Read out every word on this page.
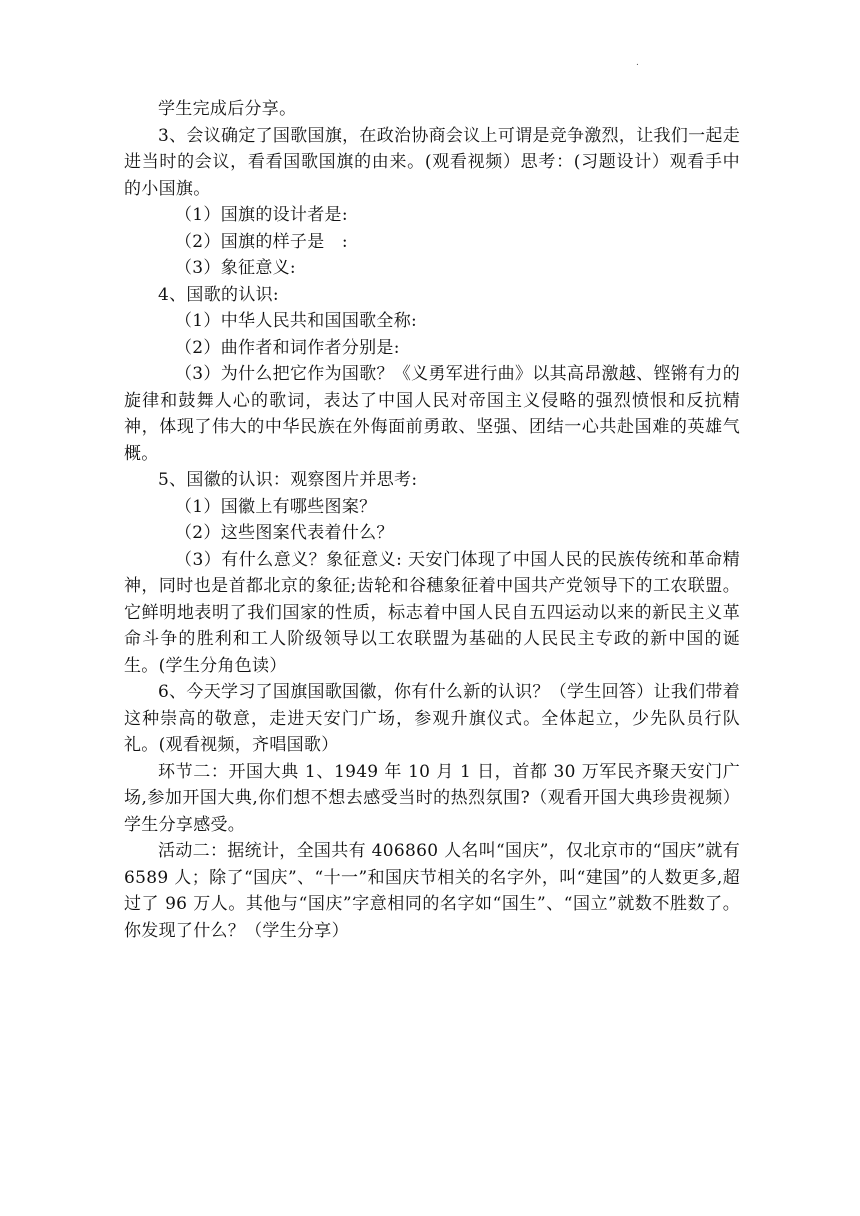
.

学生完成后分享。

3、会议确定了国歌国旗，在政治协商会议上可谓是竞争激烈，让我们一起走进当时的会议，看看国歌国旗的由来。(观看视频）思考：(习题设计）观看手中的小国旗。

（1）国旗的设计者是:

（2）国旗的样子是　:

（3）象征意义:

4、国歌的认识:

（1）中华人民共和国国歌全称:

（2）曲作者和词作者分别是:

（3）为什么把它作为国歌？《义勇军进行曲》以其高昂激越、铿锵有力的旋律和鼓舞人心的歌词，表达了中国人民对帝国主义侵略的强烈愤恨和反抗精神，体现了伟大的中华民族在外侮面前勇敢、坚强、团结一心共赴国难的英雄气概。

5、国徽的认识：观察图片并思考:

（1）国徽上有哪些图案？

（2）这些图案代表着什么？

（3）有什么意义？象征意义: 天安门体现了中国人民的民族传统和革命精神，同时也是首都北京的象征;齿轮和谷穗象征着中国共产党领导下的工农联盟。它鲜明地表明了我们国家的性质，标志着中国人民自五四运动以来的新民主义革命斗争的胜利和工人阶级领导以工农联盟为基础的人民民主专政的新中国的诞生。(学生分角色读）

6、今天学习了国旗国歌国徽，你有什么新的认识？（学生回答）让我们带着这种崇高的敬意，走进天安门广场，参观升旗仪式。全体起立，少先队员行队礼。(观看视频，齐唱国歌）

环节二：开国大典 1、1949 年 10 月 1 日，首都 30 万军民齐聚天安门广场,参加开国大典,你们想不想去感受当时的热烈氛围?（观看开国大典珍贵视频）学生分享感受。

活动二：据统计，全国共有 406860 人名叫“国庆”，仅北京市的“国庆”就有 6589 人；除了“国庆”、“十一”和国庆节相关的名字外，叫“建国”的人数更多,超过了 96 万人。其他与“国庆”字意相同的名字如“国生”、“国立”就数不胜数了。你发现了什么？（学生分享）
